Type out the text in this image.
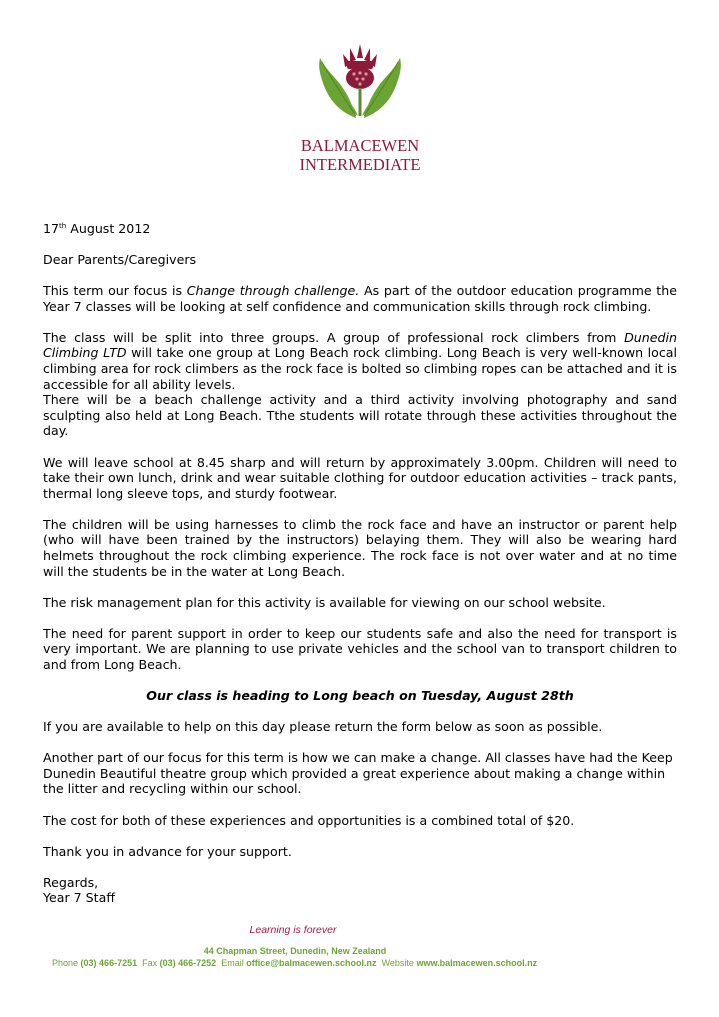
BALMACEWEN
INTERMEDIATE

17th August 2012

Dear Parents/Caregivers

This term our focus is Change through challenge. As part of the outdoor education programme the Year 7 classes will be looking at self confidence and communication skills through rock climbing.

The class will be split into three groups. A group of professional rock climbers from Dunedin Climbing LTD will take one group at Long Beach rock climbing. Long Beach is very well-known local climbing area for rock climbers as the rock face is bolted so climbing ropes can be attached and it is accessible for all ability levels.

There will be a beach challenge activity and a third activity involving photography and sand sculpting also held at Long Beach. Tthe students will rotate through these activities throughout the day.

We will leave school at 8.45 sharp and will return by approximately 3.00pm. Children will need to take their own lunch, drink and wear suitable clothing for outdoor education activities – track pants, thermal long sleeve tops, and sturdy footwear.

The children will be using harnesses to climb the rock face and have an instructor or parent help (who will have been trained by the instructors) belaying them. They will also be wearing hard helmets throughout the rock climbing experience. The rock face is not over water and at no time will the students be in the water at Long Beach.

The risk management plan for this activity is available for viewing on our school website.

The need for parent support in order to keep our students safe and also the need for transport is very important. We are planning to use private vehicles and the school van to transport children to and from Long Beach.

Our class is heading to Long beach on Tuesday, August 28th

If you are available to help on this day please return the form below as soon as possible.

Another part of our focus for this term is how we can make a change. All classes have had the Keep Dunedin Beautiful theatre group which provided a great experience about making a change within the litter and recycling within our school.

The cost for both of these experiences and opportunities is a combined total of $20.

Thank you in advance for your support.

Regards,

Year 7 Staff

Learning is forever
44 Chapman Street, Dunedin, New Zealand
Phone (03) 466-7251 Fax (03) 466-7252 Email office@balmacewen.school.nz Website www.balmacewen.school.nz
